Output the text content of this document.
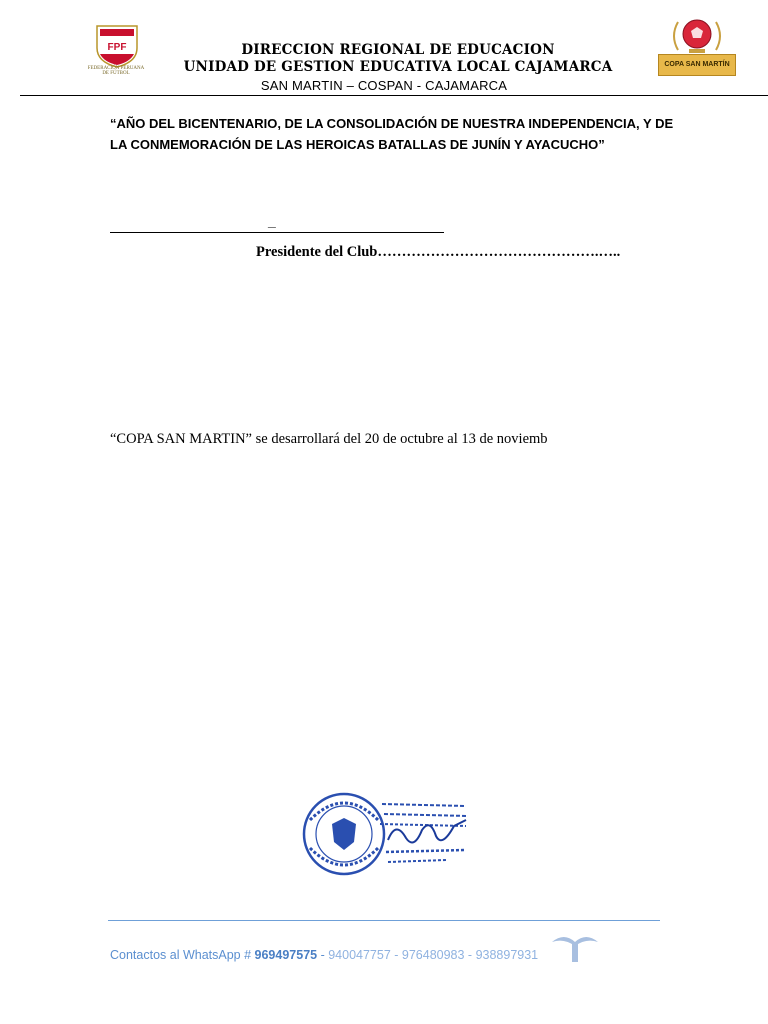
FPF
FEDERACIÓN PERUANA DE FÚTBOL
DIRECCION REGIONAL DE EDUCACION
UNIDAD DE GESTION EDUCATIVA LOCAL CAJAMARCA
SAN MARTIN – COSPAN - CAJAMARCA
COPA SAN MARTÍN
“AÑO DEL BICENTENARIO, DE LA CONSOLIDACIÓN DE NUESTRA INDEPENDENCIA, Y DE LA CONMEMORACIÓN DE LAS HEROICAS BATALLAS DE JUNÍN Y AYACUCHO”
_
Presidente del Club……………………………………….…..
“COPA SAN MARTIN” se desarrollará del 20 de octubre al 13 de noviemb
Contactos al WhatsApp # 969497575 - 940047757 - 976480983 - 938897931
